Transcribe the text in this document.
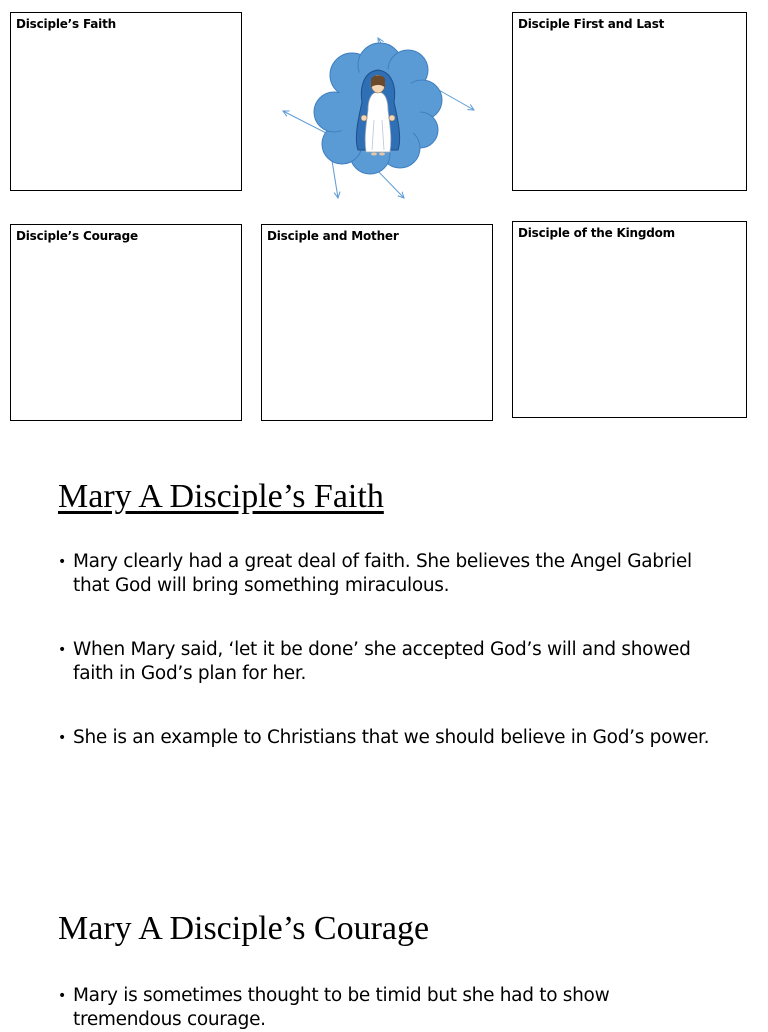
Disciple’s Faith	Disciple First and Last
Disciple’s Courage	Disciple and Mother	Disciple of the Kingdom
Mary A Disciple’s Faith
• Mary clearly had a great deal of faith. She believes the Angel Gabriel that God will bring something miraculous.
• When Mary said, ‘let it be done’ she accepted God’s will and showed faith in God’s plan for her.
• She is an example to Christians that we should believe in God’s power.
Mary A Disciple’s Courage
• Mary is sometimes thought to be timid but she had to show tremendous courage.
